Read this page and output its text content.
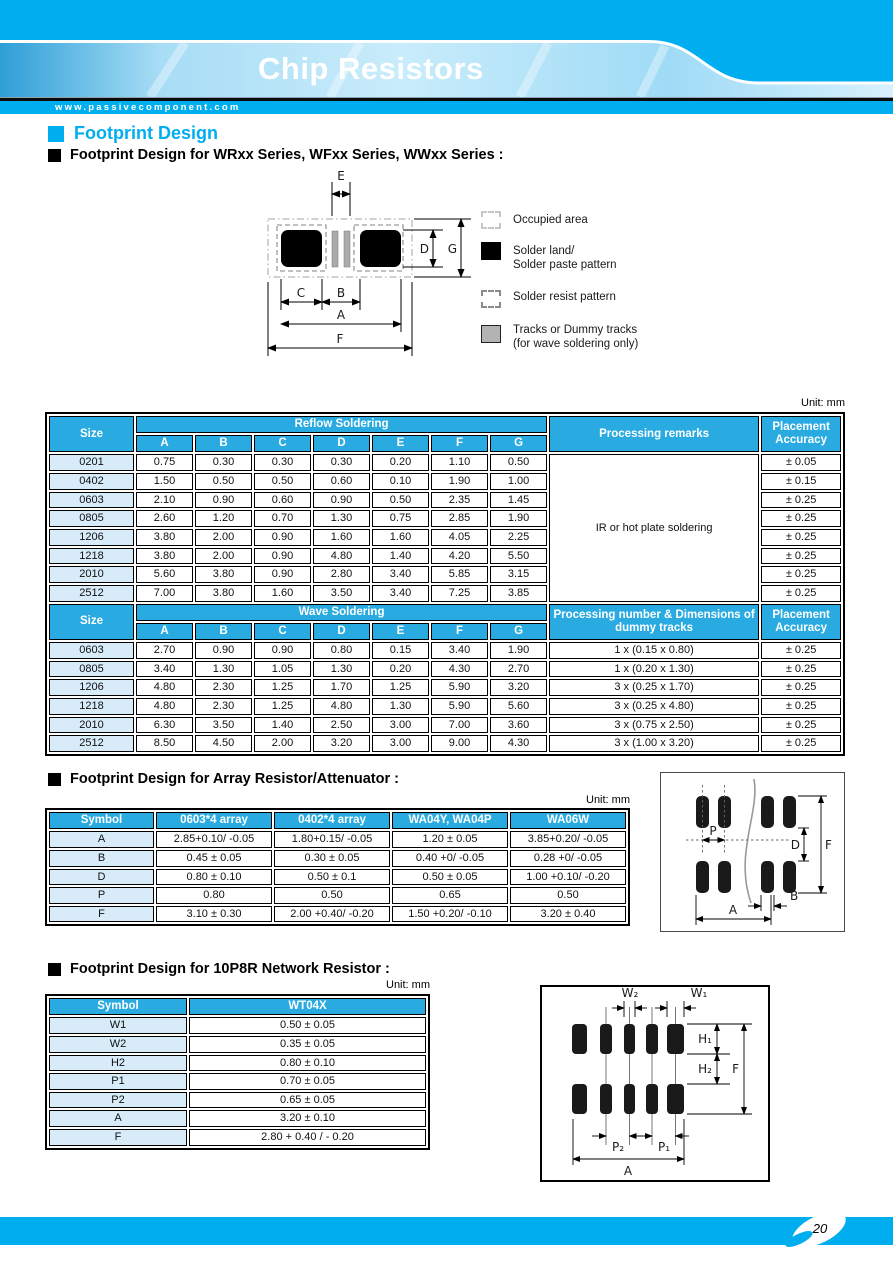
Chip Resistors
www.passivecomponent.com
Footprint Design
Footprint Design for WRxx Series, WFxx Series, WWxx Series :
E
D G
C	B
A
F
Occupied area
Solder land/
Solder paste pattern
Solder resist pattern
Tracks or Dummy tracks
(for wave soldering only)
Unit: mm
Size	Reflow Soldering							Processing remarks	Placement Accuracy
	A	B	C	D	E	F	G		
0201	0.75	0.30	0.30	0.30	0.20	1.10	0.50	IR or hot plate soldering	± 0.05
0402	1.50	0.50	0.50	0.60	0.10	1.90	1.00		± 0.15
0603	2.10	0.90	0.60	0.90	0.50	2.35	1.45		± 0.25
0805	2.60	1.20	0.70	1.30	0.75	2.85	1.90		± 0.25
1206	3.80	2.00	0.90	1.60	1.60	4.05	2.25		± 0.25
1218	3.80	2.00	0.90	4.80	1.40	4.20	5.50		± 0.25
2010	5.60	3.80	0.90	2.80	3.40	5.85	3.15		± 0.25
2512	7.00	3.80	1.60	3.50	3.40	7.25	3.85		± 0.25
Size	Wave Soldering							Processing number & Dimensions of dummy tracks	Placement Accuracy
	A	B	C	D	E	F	G		
0603	2.70	0.90	0.90	0.80	0.15	3.40	1.90	1 x (0.15 x 0.80)	± 0.25
0805	3.40	1.30	1.05	1.30	0.20	4.30	2.70	1 x (0.20 x 1.30)	± 0.25
1206	4.80	2.30	1.25	1.70	1.25	5.90	3.20	3 x (0.25 x 1.70)	± 0.25
1218	4.80	2.30	1.25	4.80	1.30	5.90	5.60	3 x (0.25 x 4.80)	± 0.25
2010	6.30	3.50	1.40	2.50	3.00	7.00	3.60	3 x (0.75 x 2.50)	± 0.25
2512	8.50	4.50	2.00	3.20	3.00	9.00	4.30	3 x (1.00 x 3.20)	± 0.25
Footprint Design for Array Resistor/Attenuator :
Unit: mm
Symbol	0603*4 array	0402*4 array	WA04Y, WA04P	WA06W
A	2.85+0.10/ -0.05	1.80+0.15/ -0.05	1.20 ± 0.05	3.85+0.20/ -0.05
B	0.45 ± 0.05	0.30 ± 0.05	0.40 +0/ -0.05	0.28 +0/ -0.05
D	0.80 ± 0.10	0.50 ± 0.1	0.50 ± 0.05	1.00 +0.10/ -0.20
P	0.80	0.50	0.65	0.50
F	3.10 ± 0.30	2.00 +0.40/ -0.20	1.50 +0.20/ -0.10	3.20 ± 0.40
P
D F
A
B
Footprint Design for 10P8R Network Resistor :
Unit: mm
Symbol	WT04X
W1	0.50 ± 0.05
W2	0.35 ± 0.05
H2	0.80 ± 0.10
P1	0.70 ± 0.05
P2	0.65 ± 0.05
A	3.20 ± 0.10
F	2.80 + 0.40 / - 0.20
W₂	W₁
H₁
H₂ F
P₂	P₁
A
20
